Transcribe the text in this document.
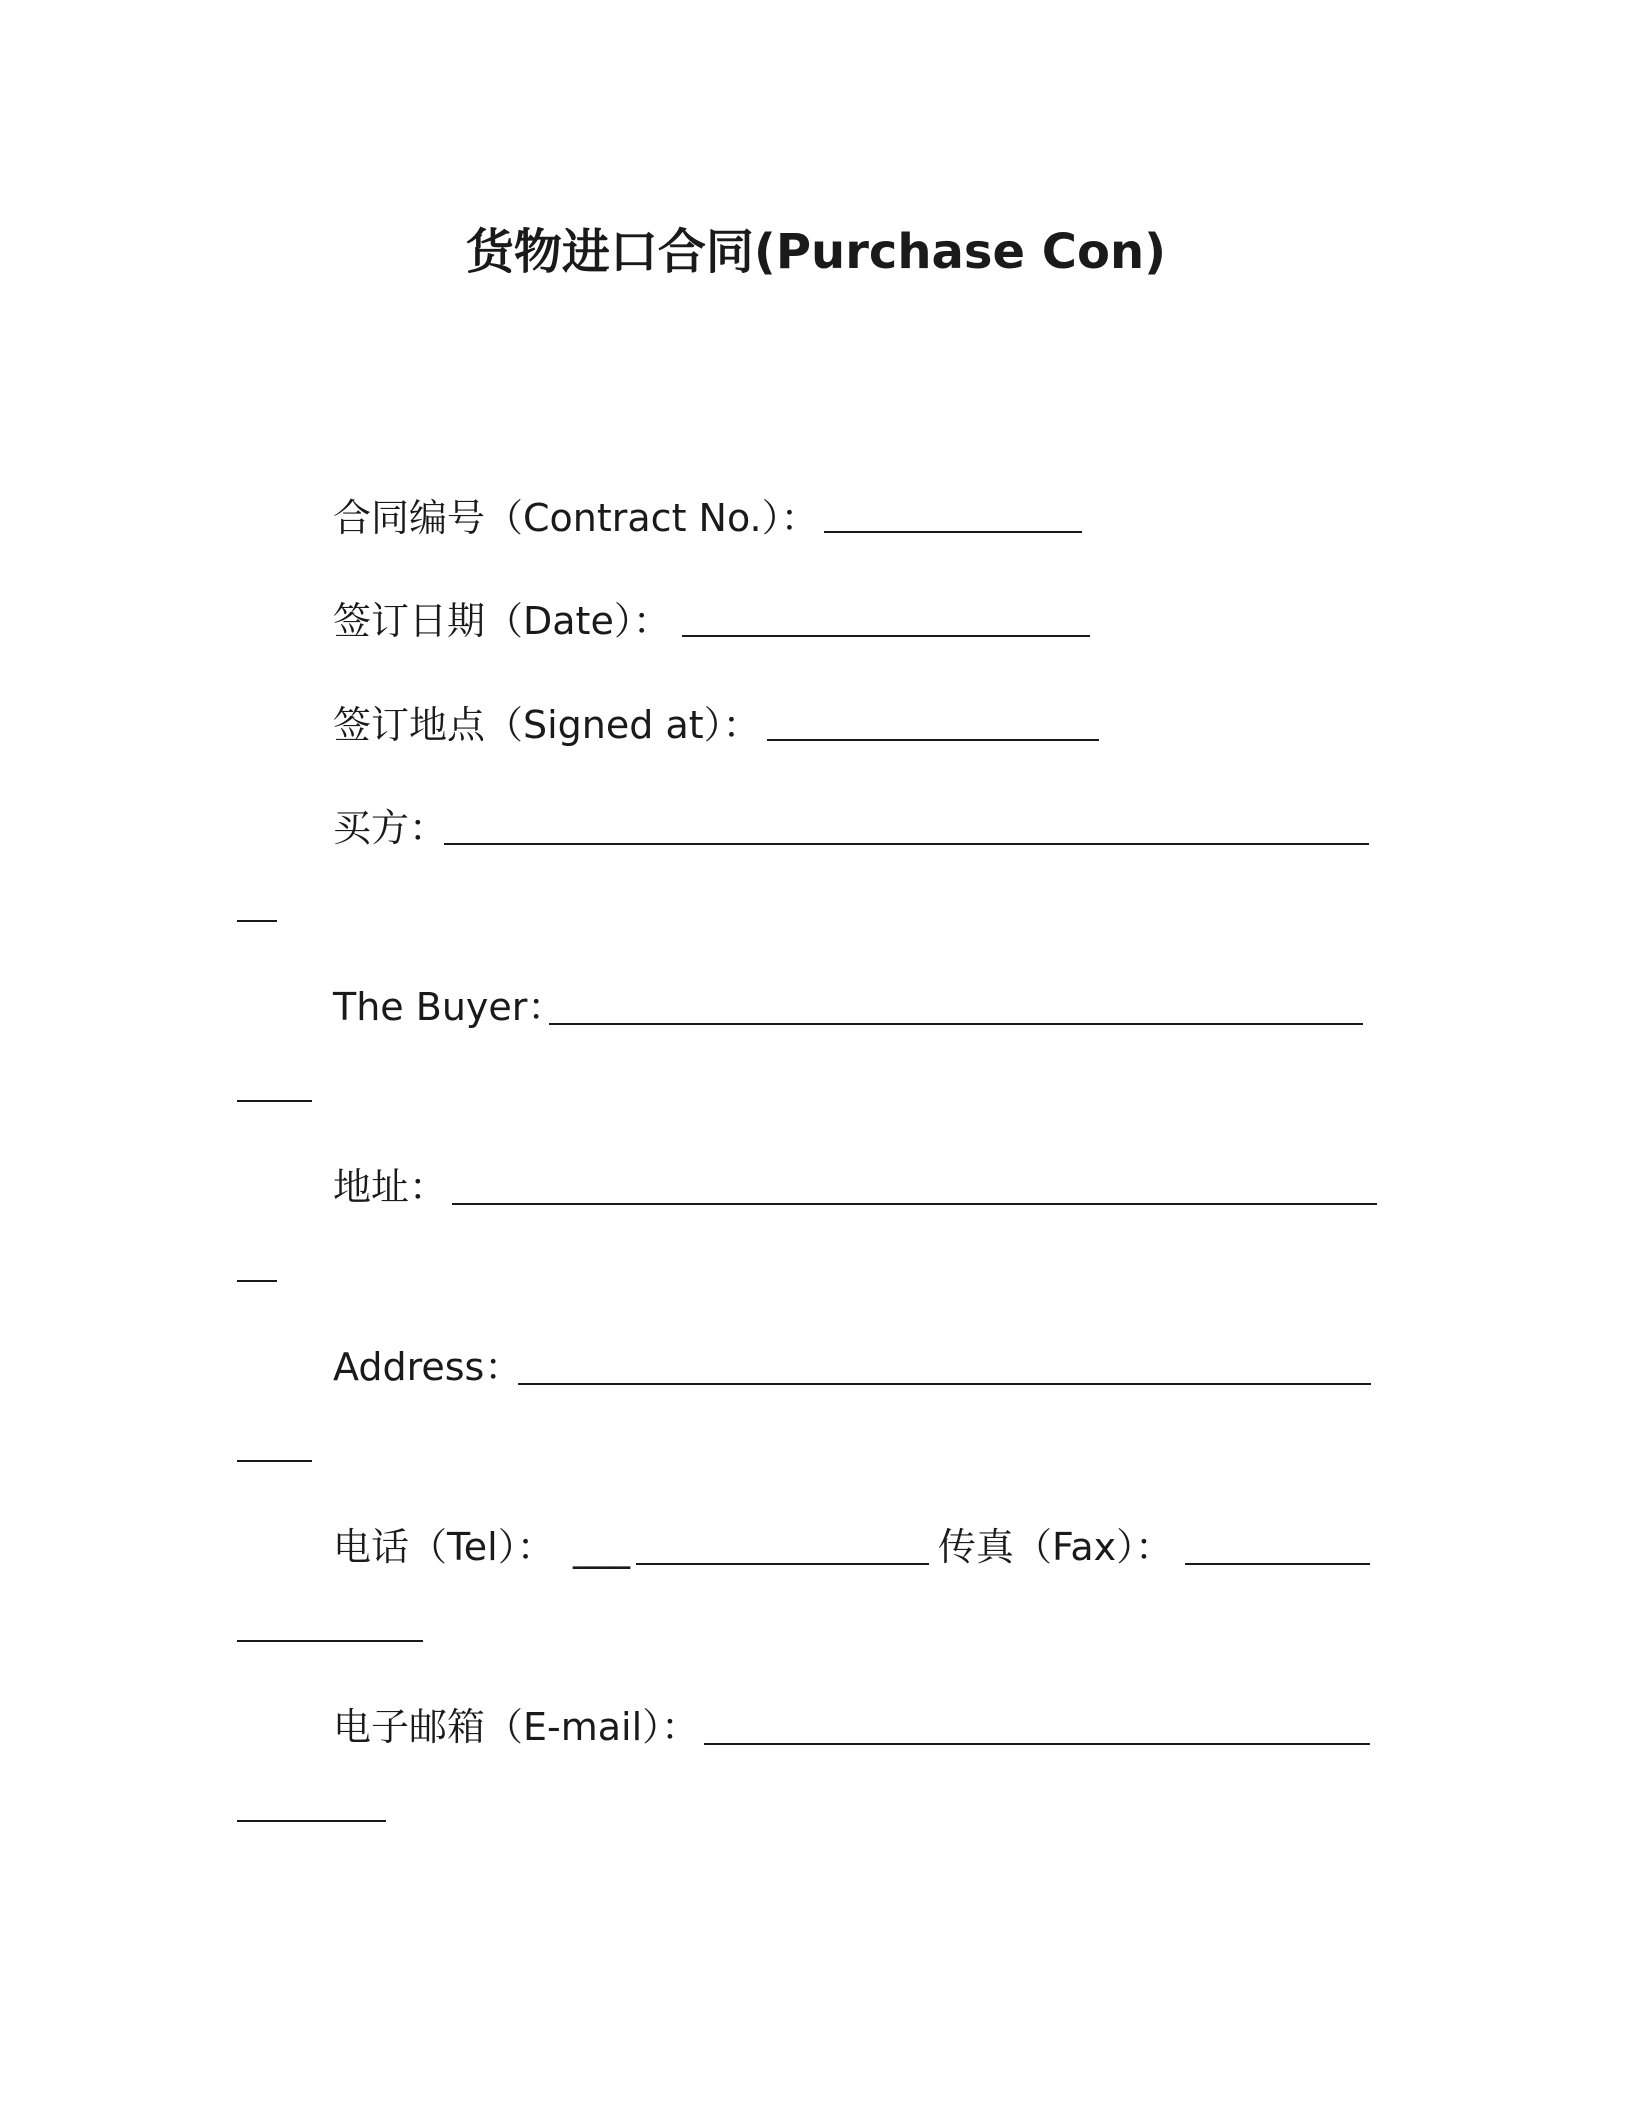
货物进口合同(Purchase Con)
合同编号（Contract No.）：
签订日期（Date）：
签订地点（Signed at）：
买方：
The Buyer：
地址：
Address：
电话（Tel）： ___	传真（Fax）：
电子邮箱（E-mail）：
